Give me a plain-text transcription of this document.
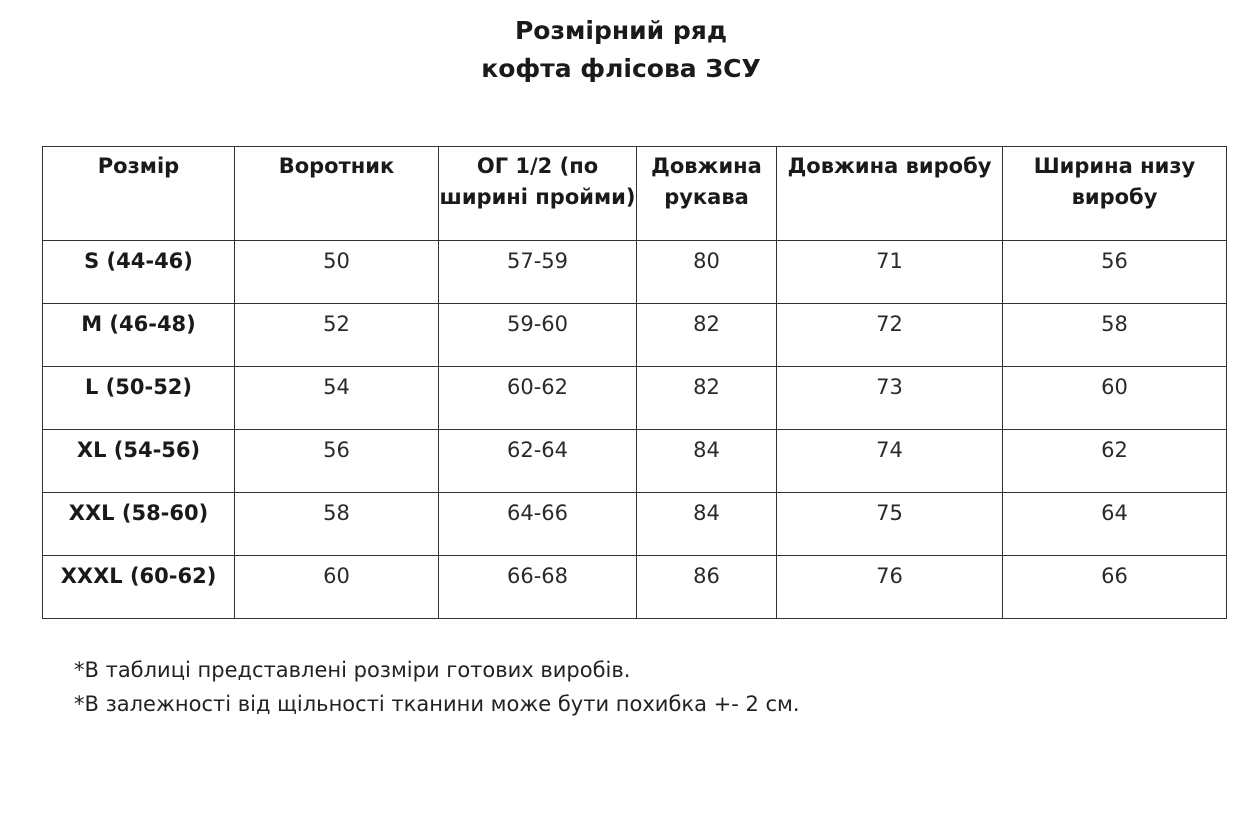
Розмірний ряд
кофта флісова ЗСУ
Розмір	Воротник	ОГ 1/2 (по ширині пройми)	Довжина рукава	Довжина виробу	Ширина низу виробу
S (44-46)	50	57-59	80	71	56
M (46-48)	52	59-60	82	72	58
L (50-52)	54	60-62	82	73	60
XL (54-56)	56	62-64	84	74	62
XXL (58-60)	58	64-66	84	75	64
XXXL (60-62)	60	66-68	86	76	66
*В таблиці представлені розміри готових виробів.
*В залежності від щільності тканини може бути похибка +- 2 см.
